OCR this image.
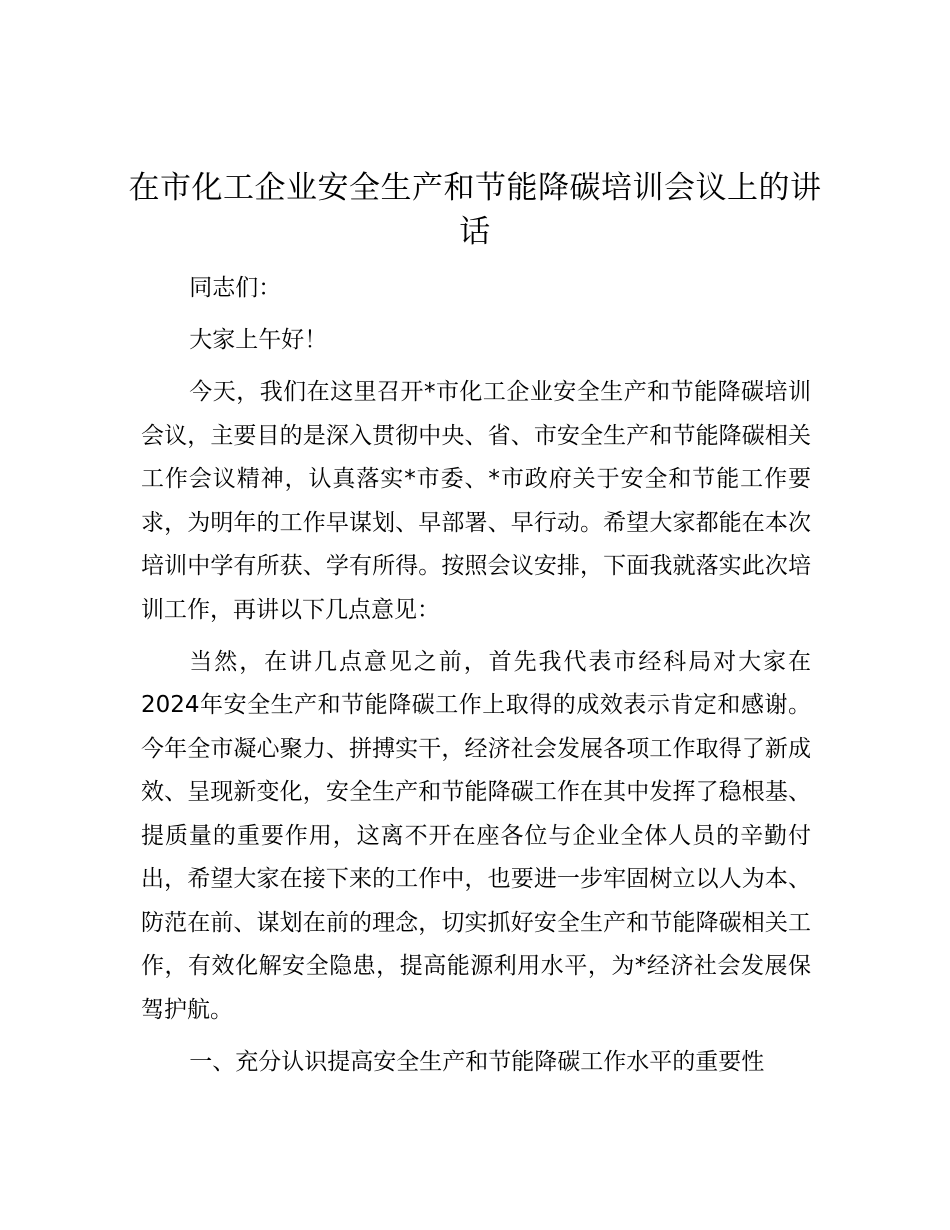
在市化工企业安全生产和节能降碳培训会议上的讲话

同志们：

大家上午好！

今天，我们在这里召开*市化工企业安全生产和节能降碳培训会议，主要目的是深入贯彻中央、省、市安全生产和节能降碳相关工作会议精神，认真落实*市委、*市政府关于安全和节能工作要求，为明年的工作早谋划、早部署、早行动。希望大家都能在本次培训中学有所获、学有所得。按照会议安排，下面我就落实此次培训工作，再讲以下几点意见：

当然，在讲几点意见之前，首先我代表市经科局对大家在2024年安全生产和节能降碳工作上取得的成效表示肯定和感谢。今年全市凝心聚力、拼搏实干，经济社会发展各项工作取得了新成效、呈现新变化，安全生产和节能降碳工作在其中发挥了稳根基、提质量的重要作用，这离不开在座各位与企业全体人员的辛勤付出，希望大家在接下来的工作中，也要进一步牢固树立以人为本、防范在前、谋划在前的理念，切实抓好安全生产和节能降碳相关工作，有效化解安全隐患，提高能源利用水平，为*经济社会发展保驾护航。

一、充分认识提高安全生产和节能降碳工作水平的重要性
